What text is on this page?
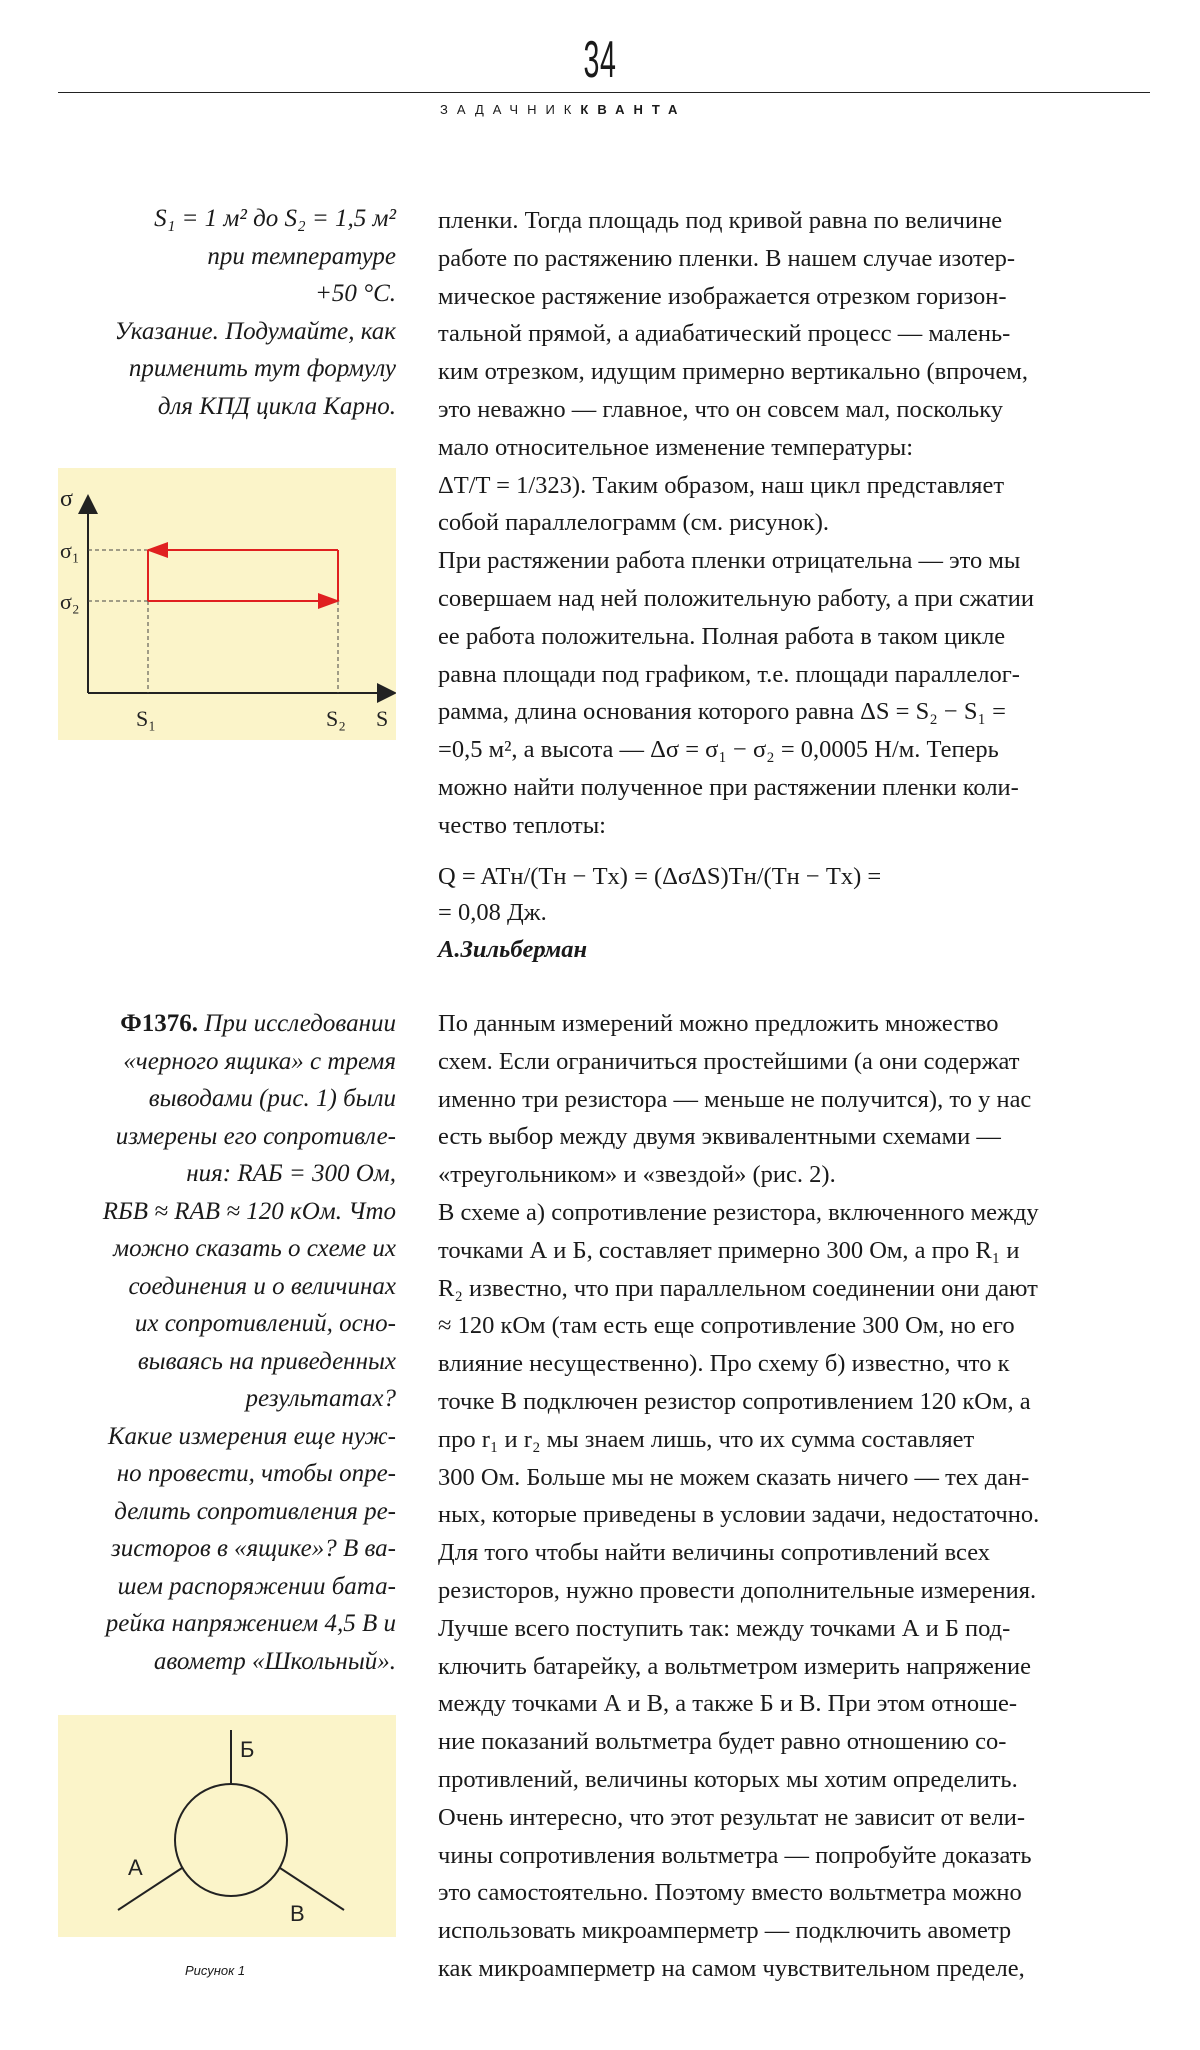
34
ЗАДАЧНИККВАНТА
S₁ = 1 м² до S₂ = 1,5 м²
при температуре
+50 °C.
Указание. Подумайте, как
применить тут формулу
для КПД цикла Карно.
σ
σ₁
σ₂
S₁	S₂ S
пленки. Тогда площадь под кривой равна по величине
работе по растяжению пленки. В нашем случае изотер-
мическое растяжение изображается отрезком горизон-
тальной прямой, а адиабатический процесс — малень-
ким отрезком, идущим примерно вертикально (впрочем,
это неважно — главное, что он совсем мал, поскольку
мало относительное изменение температуры:
ΔT/T = 1/323). Таким образом, наш цикл представляет
собой параллелограмм (см. рисунок).
При растяжении работа пленки отрицательна — это мы
совершаем над ней положительную работу, а при сжатии
ее работа положительна. Полная работа в таком цикле
равна площади под графиком, т.е. площади параллелог-
рамма, длина основания которого равна ΔS = S₂ − S₁ =
=0,5 м², а высота — Δσ = σ₁ − σ₂ = 0,0005 Н/м. Теперь
можно найти полученное при растяжении пленки коли-
чество теплоты:
Q = ATн/(Tн − Tх) = (ΔσΔS)Tн/(Tн − Tх) =
= 0,08 Дж.
А.Зильберман
Ф1376. При исследовании
«черного ящика» с тремя
выводами (рис. 1) были
измерены его сопротивле-
ния: RАБ = 300 Ом,
RБВ ≈ RАВ ≈ 120 кОм. Что
можно сказать о схеме их
соединения и о величинах
их сопротивлений, осно-
вываясь на приведенных
результатах?
Какие измерения еще нуж-
но провести, чтобы опре-
делить сопротивления ре-
зисторов в «ящике»? В ва-
шем распоряжении бата-
рейка напряжением 4,5 В и
авометр «Школьный».
Б
А
В
Рисунок 1
По данным измерений можно предложить множество
схем. Если ограничиться простейшими (а они содержат
именно три резистора — меньше не получится), то у нас
есть выбор между двумя эквивалентными схемами —
«треугольником» и «звездой» (рис. 2).
В схеме а) сопротивление резистора, включенного между
точками А и Б, составляет примерно 300 Ом, а про R₁ и
R₂ известно, что при параллельном соединении они дают
≈ 120 кОм (там есть еще сопротивление 300 Ом, но его
влияние несущественно). Про схему б) известно, что к
точке В подключен резистор сопротивлением 120 кОм, а
про r₁ и r₂ мы знаем лишь, что их сумма составляет
300 Ом. Больше мы не можем сказать ничего — тех дан-
ных, которые приведены в условии задачи, недостаточно.
Для того чтобы найти величины сопротивлений всех
резисторов, нужно провести дополнительные измерения.
Лучше всего поступить так: между точками А и Б под-
ключить батарейку, а вольтметром измерить напряжение
между точками А и В, а также Б и В. При этом отноше-
ние показаний вольтметра будет равно отношению со-
противлений, величины которых мы хотим определить.
Очень интересно, что этот результат не зависит от вели-
чины сопротивления вольтметра — попробуйте доказать
это самостоятельно. Поэтому вместо вольтметра можно
использовать микроамперметр — подключить авометр
как микроамперметр на самом чувствительном пределе,
